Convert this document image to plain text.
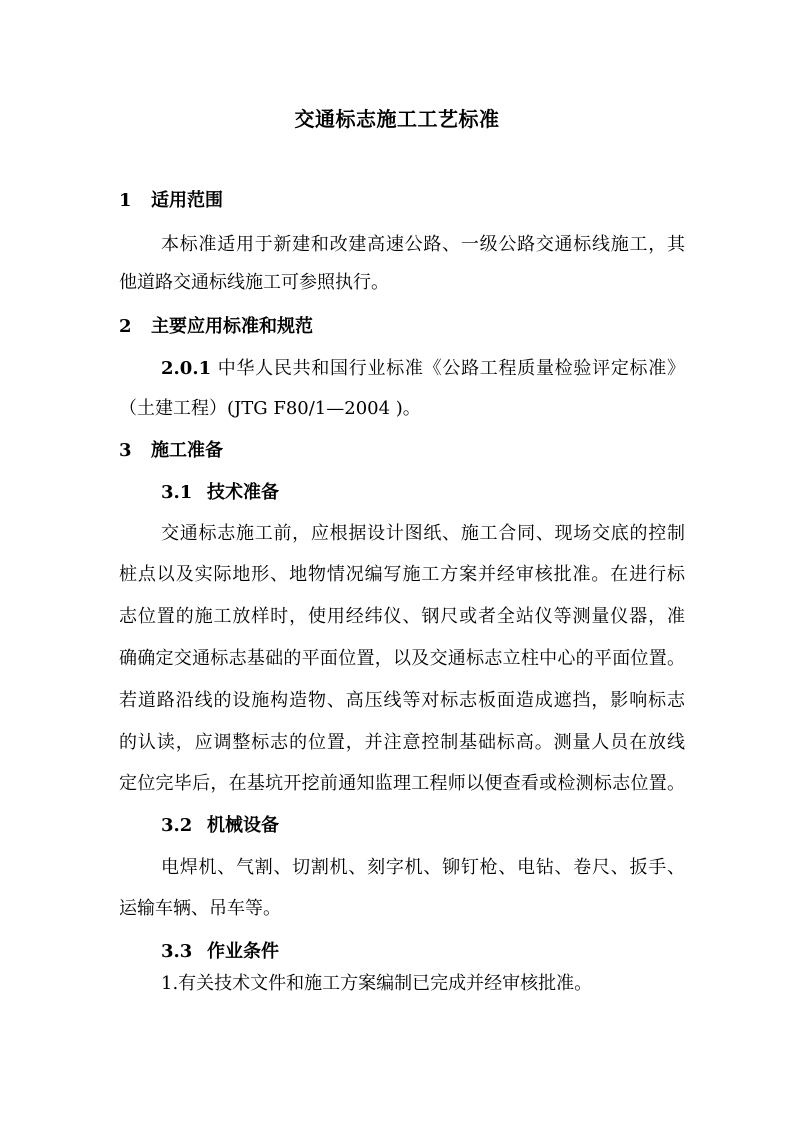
交通标志施工工艺标准
1 适用范围
本标准适用于新建和改建高速公路、一级公路交通标线施工，其
他道路交通标线施工可参照执行。
2 主要应用标准和规范
2.0.1 中华人民共和国行业标准《公路工程质量检验评定标准》
（土建工程）(JTG F80/1—2004 )。
3 施工准备
3.1 技术准备
交通标志施工前，应根据设计图纸、施工合同、现场交底的控制
桩点以及实际地形、地物情况编写施工方案并经审核批准。在进行标
志位置的施工放样时，使用经纬仪、钢尺或者全站仪等测量仪器，准
确确定交通标志基础的平面位置，以及交通标志立柱中心的平面位置。
若道路沿线的设施构造物、高压线等对标志板面造成遮挡，影响标志
的认读，应调整标志的位置，并注意控制基础标高。测量人员在放线
定位完毕后，在基坑开挖前通知监理工程师以便查看或检测标志位置。
3.2 机械设备
电焊机、气割、切割机、刻字机、铆钉枪、电钻、卷尺、扳手、
运输车辆、吊车等。
3.3 作业条件
1.有关技术文件和施工方案编制已完成并经审核批准。
